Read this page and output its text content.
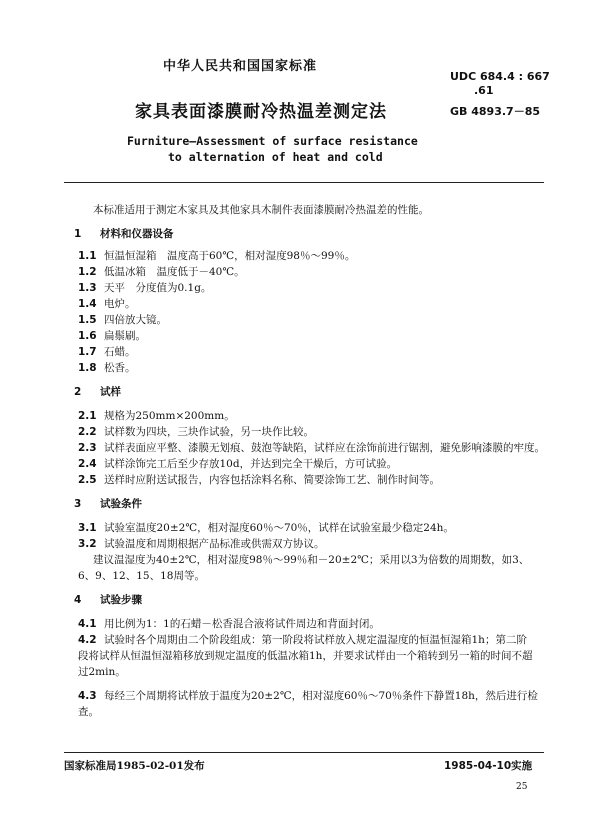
中华人民共和国国家标准
UDC 684.4 : 667
.61
家具表面漆膜耐冷热温差测定法	GB 4893.7－85
Furniture—Assessment of surface resistance
to alternation of heat and cold
本标准适用于测定木家具及其他家具木制件表面漆膜耐冷热温差的性能。
1 材料和仪器设备
1.1 恒温恒湿箱　温度高于60℃，相对湿度98％～99％。
1.2 低温冰箱　温度低于－40℃。
1.3 天平　分度值为0.1g。
1.4 电炉。
1.5 四倍放大镜。
1.6 扁鬃刷。
1.7 石蜡。
1.8 松香。
2 试样
2.1 规格为250mm×200mm。
2.2 试样数为四块，三块作试验，另一块作比较。
2.3 试样表面应平整、漆膜无划痕、鼓泡等缺陷，试样应在涂饰前进行锯割，避免影响漆膜的牢度。
2.4 试样涂饰完工后至少存放10d，并达到完全干燥后，方可试验。
2.5 送样时应附送试报告，内容包括涂料名称、简要涂饰工艺、制作时间等。
3 试验条件
3.1 试验室温度20±2℃，相对湿度60％～70％，试样在试验室最少稳定24h。
3.2 试验温度和周期根据产品标准或供需双方协议。
建议温湿度为40±2℃，相对湿度98％～99％和－20±2℃；采用以3为倍数的周期数，如3、
6、9、12、15、18周等。
4 试验步骤
4.1 用比例为1：1的石蜡－松香混合液将试件周边和背面封闭。
4.2 试验时各个周期由二个阶段组成：第一阶段将试样放入规定温湿度的恒温恒湿箱1h；第二阶
段将试样从恒温恒湿箱移放到规定温度的低温冰箱1h，并要求试样由一个箱转到另一箱的时间不超
过2min。
4.3 每经三个周期将试样放于温度为20±2℃，相对湿度60％～70％条件下静置18h，然后进行检
查。
国家标准局1985-02-01发布	1985-04-10实施
25
